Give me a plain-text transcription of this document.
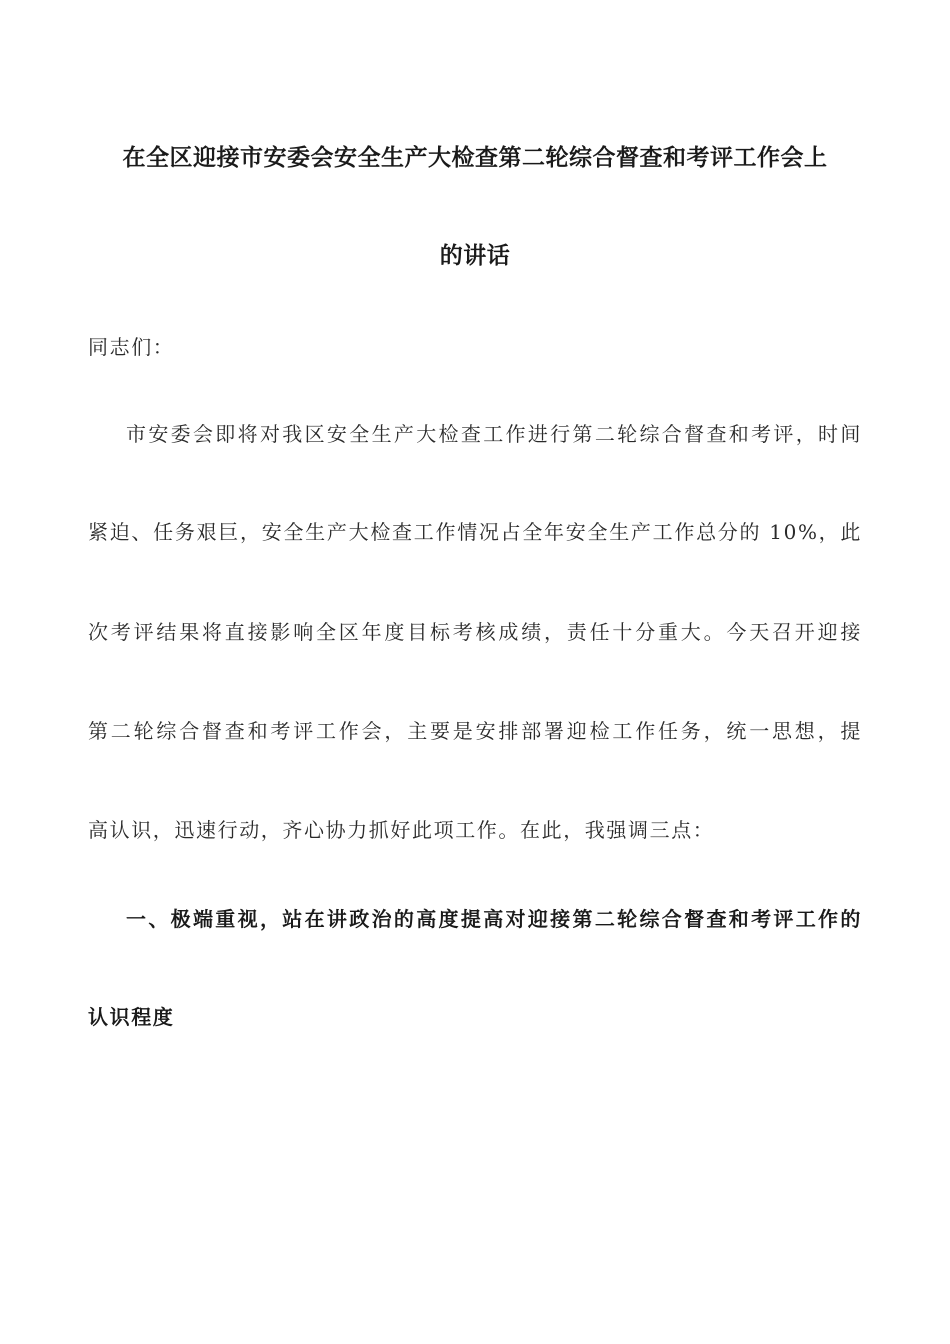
在全区迎接市安委会安全生产大检查第二轮综合督查和考评工作会上
的讲话
同志们：
市安委会即将对我区安全生产大检查工作进行第二轮综合督查和考评，时间
紧迫、任务艰巨，安全生产大检查工作情况占全年安全生产工作总分的 10%，此
次考评结果将直接影响全区年度目标考核成绩，责任十分重大。今天召开迎接
第二轮综合督查和考评工作会，主要是安排部署迎检工作任务，统一思想，提
高认识，迅速行动，齐心协力抓好此项工作。在此，我强调三点：
一、极端重视，站在讲政治的高度提高对迎接第二轮综合督查和考评工作的
认识程度
